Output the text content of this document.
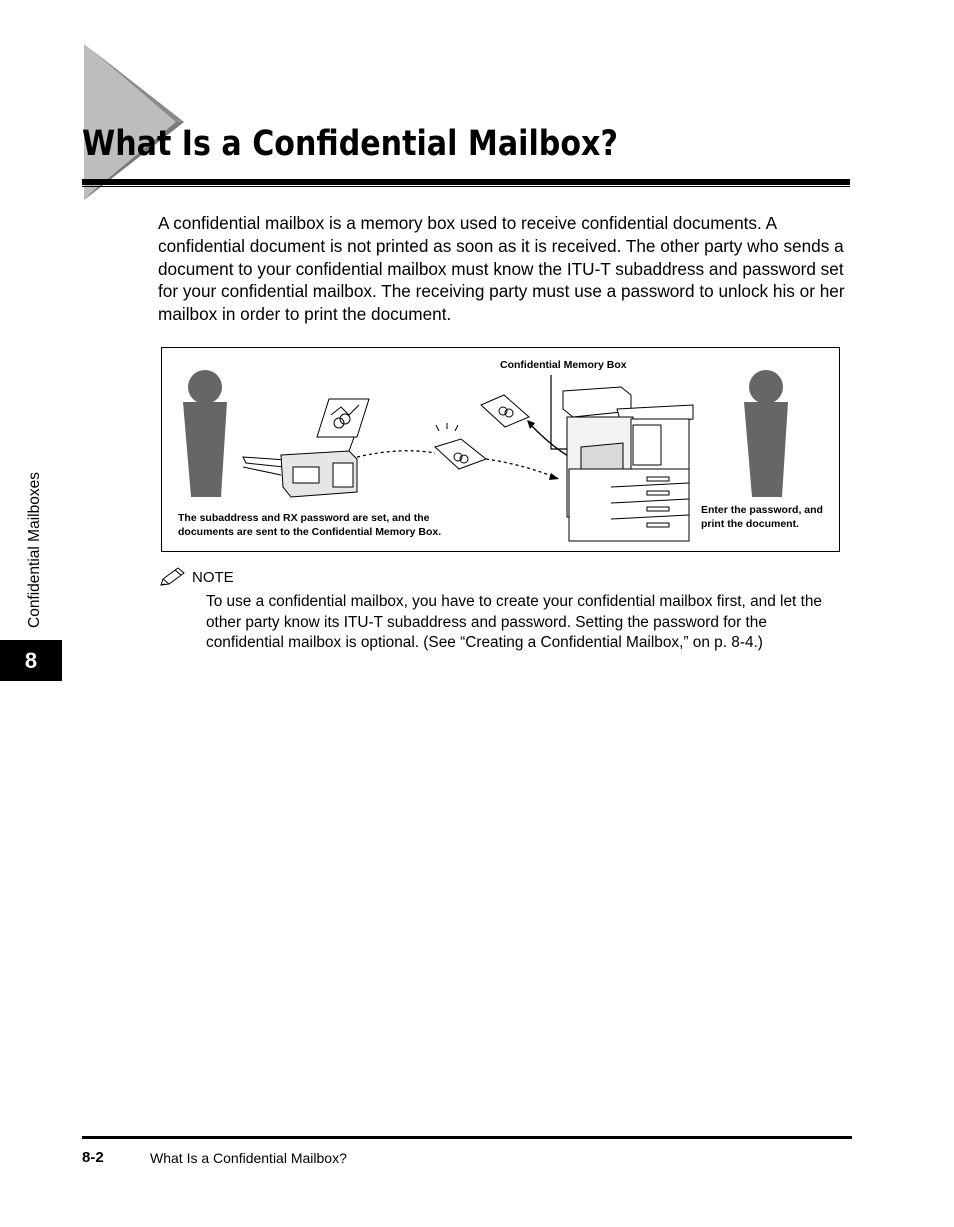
What Is a Confidential Mailbox?

A confidential mailbox is a memory box used to receive confidential documents. A confidential document is not printed as soon as it is received. The other party who sends a document to your confidential mailbox must know the ITU-T subaddress and password set for your confidential mailbox. The receiving party must use a password to unlock his or her mailbox in order to print the document.

Confidential Memory Box
The subaddress and RX password are set, and the
documents are sent to the Confidential Memory Box.
Enter the password, and
print the document.
NOTE

To use a confidential mailbox, you have to create your confidential mailbox first, and let the other party know its ITU-T subaddress and password. Setting the password for the confidential mailbox is optional. (See “Creating a Confidential Mailbox,” on p. 8-4.)

Confidential Mailboxes
8
8-2	What Is a Confidential Mailbox?
